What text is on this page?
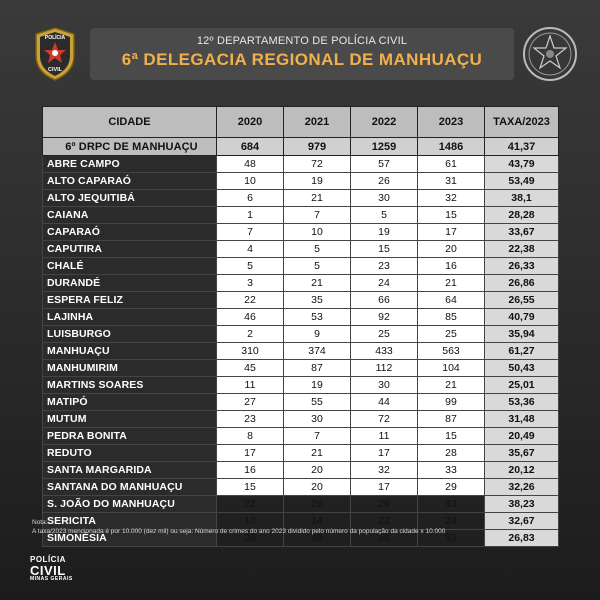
POLÍCIA
CIVIL
12º DEPARTAMENTO DE POLÍCIA CIVIL
6ª DELEGACIA REGIONAL DE MANHUAÇU
CIDADE	2020	2021	2022	2023	TAXA/2023
6º DRPC DE MANHUAÇU	684	979	1259	1486	41,37
ABRE CAMPO	48	72	57	61	43,79
ALTO CAPARAÓ	10	19	26	31	53,49
ALTO JEQUITIBÁ	6	21	30	32	38,1
CAIANA	1	7	5	15	28,28
CAPARAÓ	7	10	19	17	33,67
CAPUTIRA	4	5	15	20	22,38
CHALÉ	5	5	23	16	26,33
DURANDÉ	3	21	24	21	26,86
ESPERA FELIZ	22	35	66	64	26,55
LAJINHA	46	53	92	85	40,79
LUISBURGO	2	9	25	25	35,94
MANHUAÇU	310	374	433	563	61,27
MANHUMIRIM	45	87	112	104	50,43
MARTINS SOARES	11	19	30	21	25,01
MATIPÓ	27	55	44	99	53,36
MUTUM	23	30	72	87	31,48
PEDRA BONITA	8	7	11	15	20,49
REDUTO	17	21	17	28	35,67
SANTA MARGARIDA	16	20	32	33	20,12
SANTANA DO MANHUAÇU	15	20	17	29	32,26
S. JOÃO DO MANHUAÇU	22	26	29	43	38,23
SERICITA	10	14	22	24	32,67
SIMONÉSIA	26	49	58	53	26,83
Nota:
A taxa/2023 mencionada é por 10.000 (dez mil) ou seja: Número de crimes do ano 2023 dividido pelo número da população da cidade x 10.000
POLÍCIA
CIVIL
MINAS GERAIS
